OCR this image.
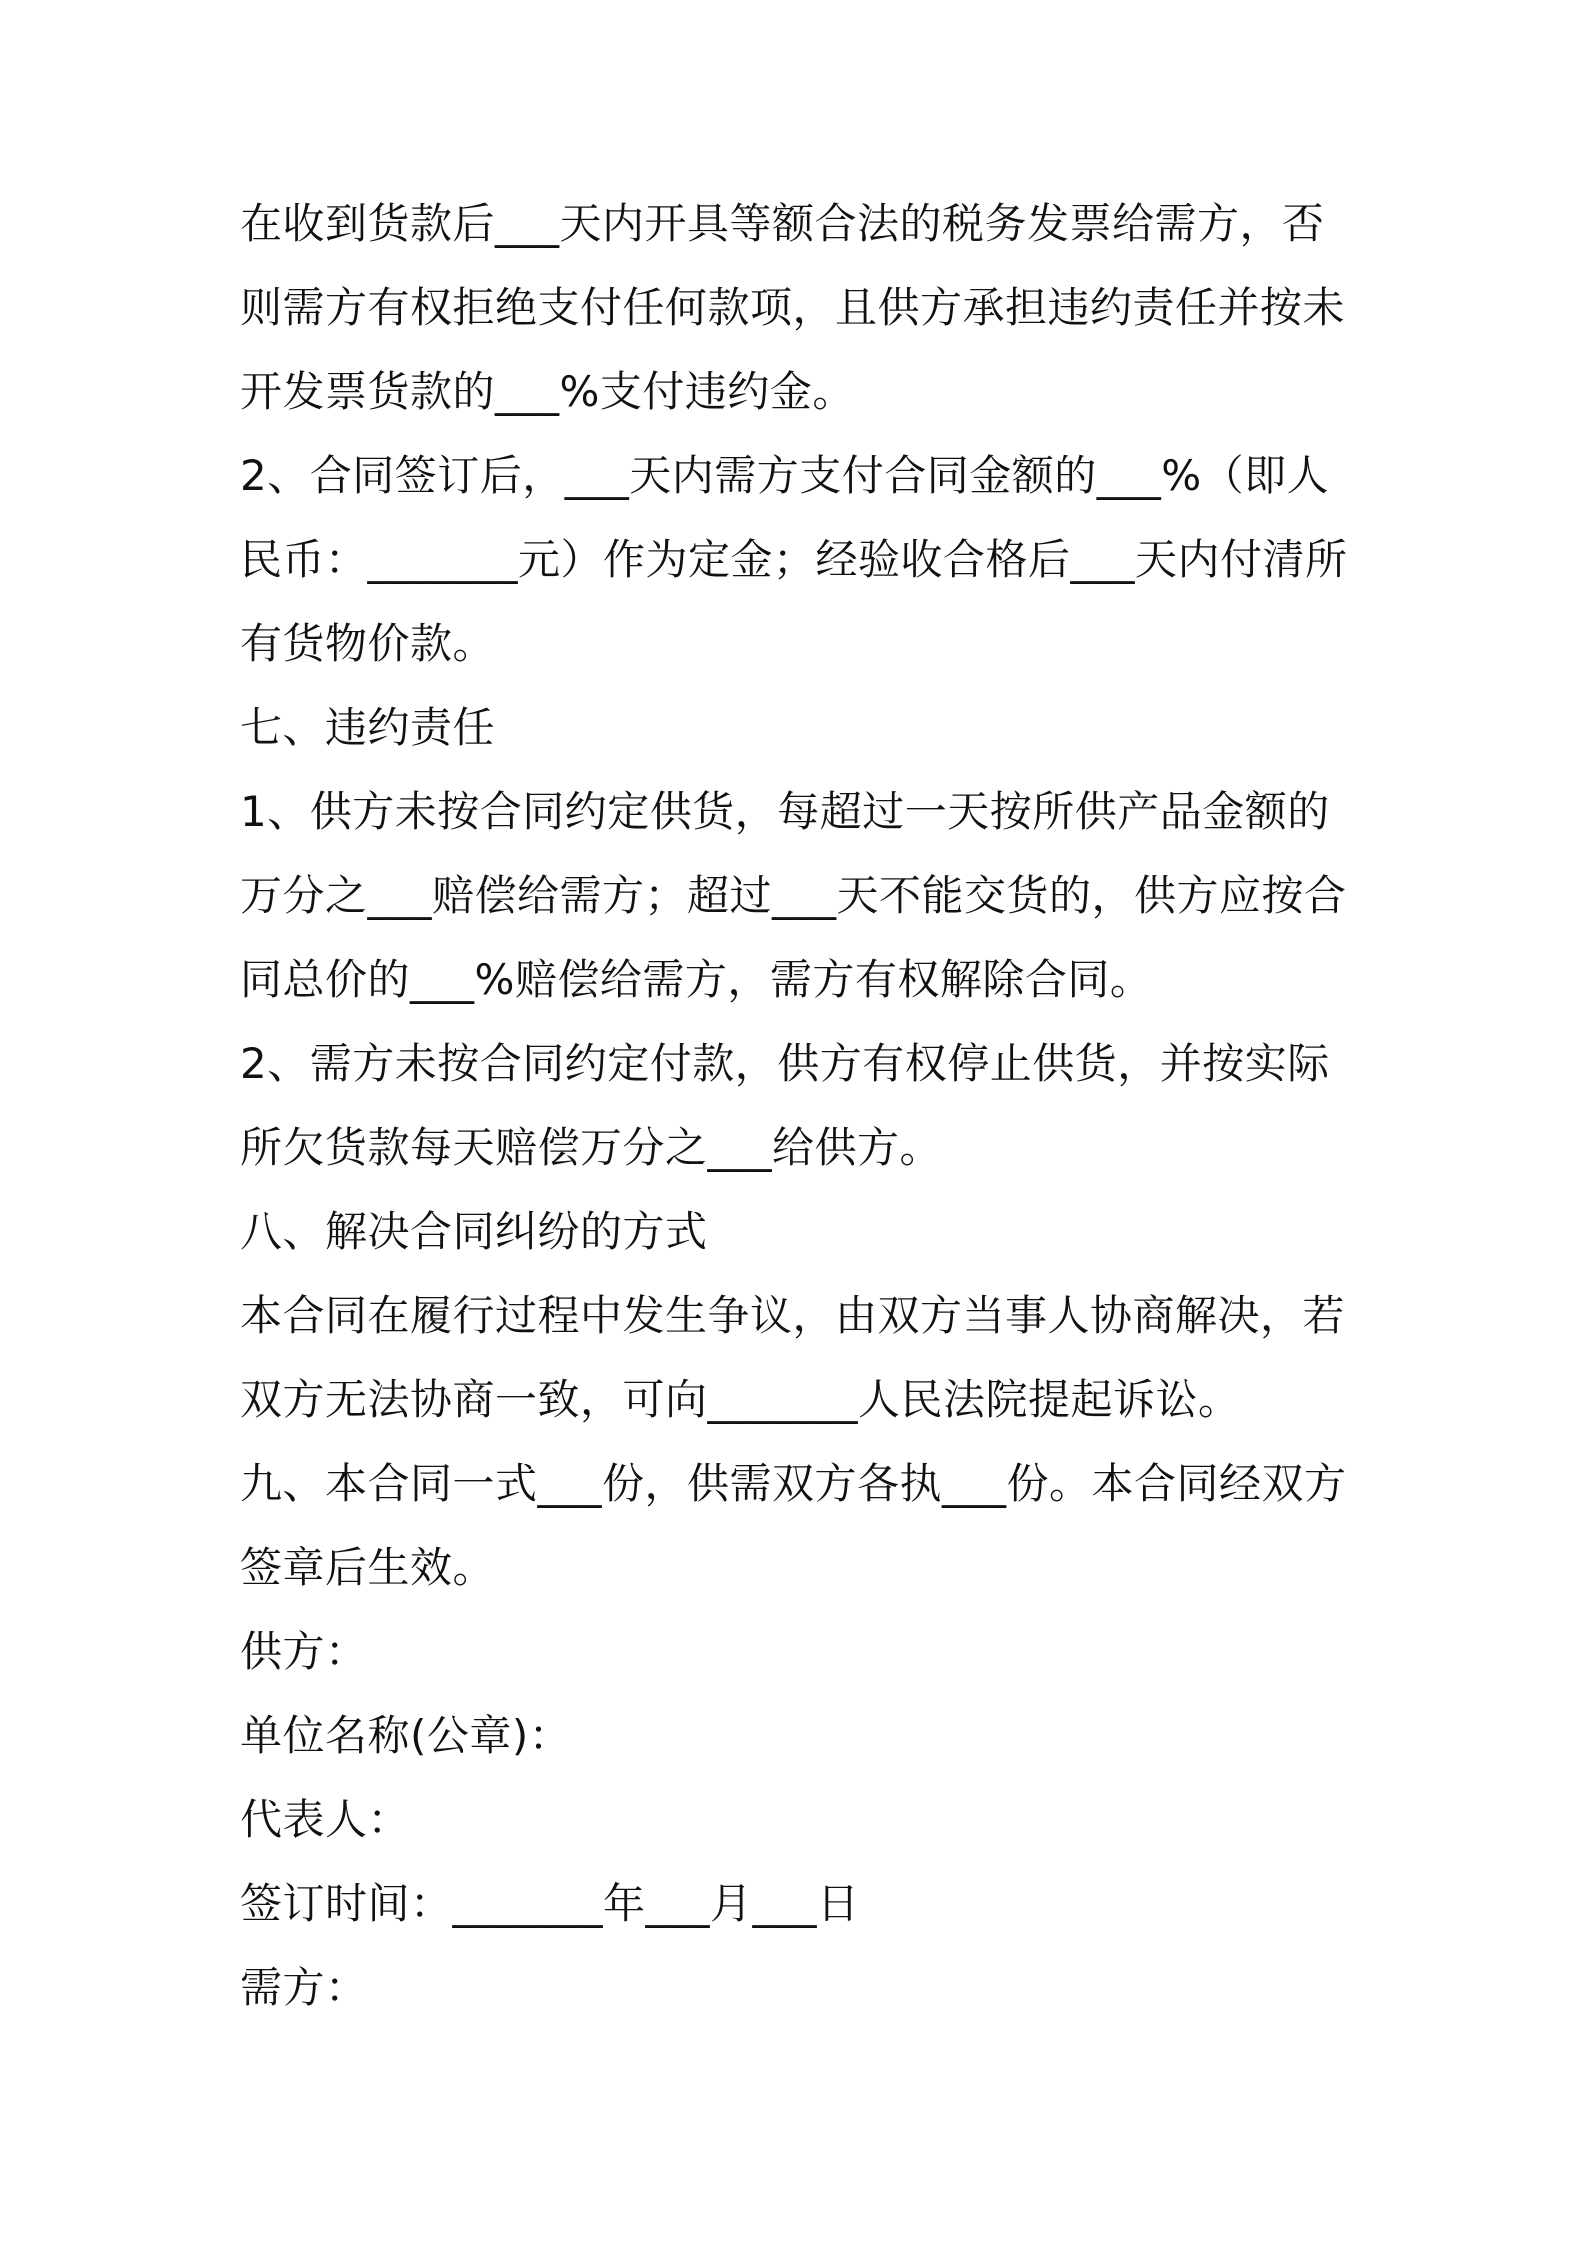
在收到货款后___天内开具等额合法的税务发票给需方，否
则需方有权拒绝支付任何款项，且供方承担违约责任并按未
开发票货款的___%支付违约金。
2、合同签订后，___天内需方支付合同金额的___%（即人
民币：_______元）作为定金；经验收合格后___天内付清所
有货物价款。
七、违约责任
1、供方未按合同约定供货，每超过一天按所供产品金额的
万分之___赔偿给需方；超过___天不能交货的，供方应按合
同总价的___%赔偿给需方，需方有权解除合同。
2、需方未按合同约定付款，供方有权停止供货，并按实际
所欠货款每天赔偿万分之___给供方。
八、解决合同纠纷的方式
本合同在履行过程中发生争议，由双方当事人协商解决，若
双方无法协商一致，可向_______人民法院提起诉讼。
九、本合同一式___份，供需双方各执___份。本合同经双方
签章后生效。
供方：
单位名称(公章)：
代表人：
签订时间：_______年___月___日
需方：
